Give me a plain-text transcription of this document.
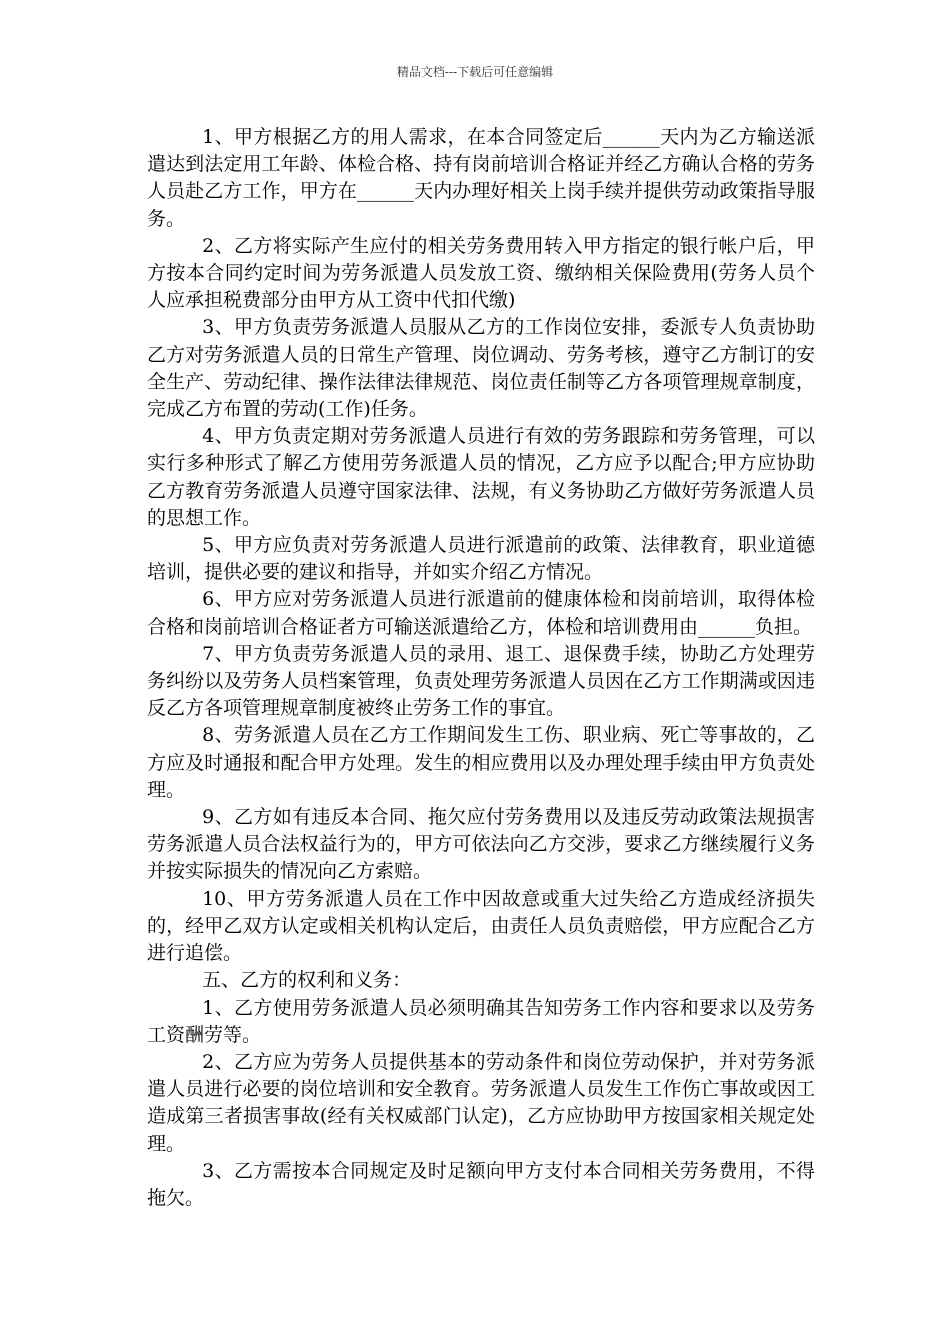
精品文档---下载后可任意编辑

1、甲方根据乙方的用人需求，在本合同签定后______天内为乙方输送派遣达到法定用工年龄、体检合格、持有岗前培训合格证并经乙方确认合格的劳务人员赴乙方工作，甲方在______天内办理好相关上岗手续并提供劳动政策指导服务。

2、乙方将实际产生应付的相关劳务费用转入甲方指定的银行帐户后，甲方按本合同约定时间为劳务派遣人员发放工资、缴纳相关保险费用(劳务人员个人应承担税费部分由甲方从工资中代扣代缴)

3、甲方负责劳务派遣人员服从乙方的工作岗位安排，委派专人负责协助乙方对劳务派遣人员的日常生产管理、岗位调动、劳务考核，遵守乙方制订的安全生产、劳动纪律、操作法律法律规范、岗位责任制等乙方各项管理规章制度，完成乙方布置的劳动(工作)任务。

4、甲方负责定期对劳务派遣人员进行有效的劳务跟踪和劳务管理，可以实行多种形式了解乙方使用劳务派遣人员的情况，乙方应予以配合;甲方应协助乙方教育劳务派遣人员遵守国家法律、法规，有义务协助乙方做好劳务派遣人员的思想工作。

5、甲方应负责对劳务派遣人员进行派遣前的政策、法律教育，职业道德培训，提供必要的建议和指导，并如实介绍乙方情况。

6、甲方应对劳务派遣人员进行派遣前的健康体检和岗前培训，取得体检合格和岗前培训合格证者方可输送派遣给乙方，体检和培训费用由______负担。

7、甲方负责劳务派遣人员的录用、退工、退保费手续，协助乙方处理劳务纠纷以及劳务人员档案管理，负责处理劳务派遣人员因在乙方工作期满或因违反乙方各项管理规章制度被终止劳务工作的事宜。

8、劳务派遣人员在乙方工作期间发生工伤、职业病、死亡等事故的，乙方应及时通报和配合甲方处理。发生的相应费用以及办理处理手续由甲方负责处理。

9、乙方如有违反本合同、拖欠应付劳务费用以及违反劳动政策法规损害劳务派遣人员合法权益行为的，甲方可依法向乙方交涉，要求乙方继续履行义务并按实际损失的情况向乙方索赔。

10、甲方劳务派遣人员在工作中因故意或重大过失给乙方造成经济损失的，经甲乙双方认定或相关机构认定后，由责任人员负责赔偿，甲方应配合乙方进行追偿。

五、乙方的权利和义务：

1、乙方使用劳务派遣人员必须明确其告知劳务工作内容和要求以及劳务工资酬劳等。

2、乙方应为劳务人员提供基本的劳动条件和岗位劳动保护，并对劳务派遣人员进行必要的岗位培训和安全教育。劳务派遣人员发生工作伤亡事故或因工造成第三者损害事故(经有关权威部门认定)，乙方应协助甲方按国家相关规定处理。

3、乙方需按本合同规定及时足额向甲方支付本合同相关劳务费用，不得拖欠。
